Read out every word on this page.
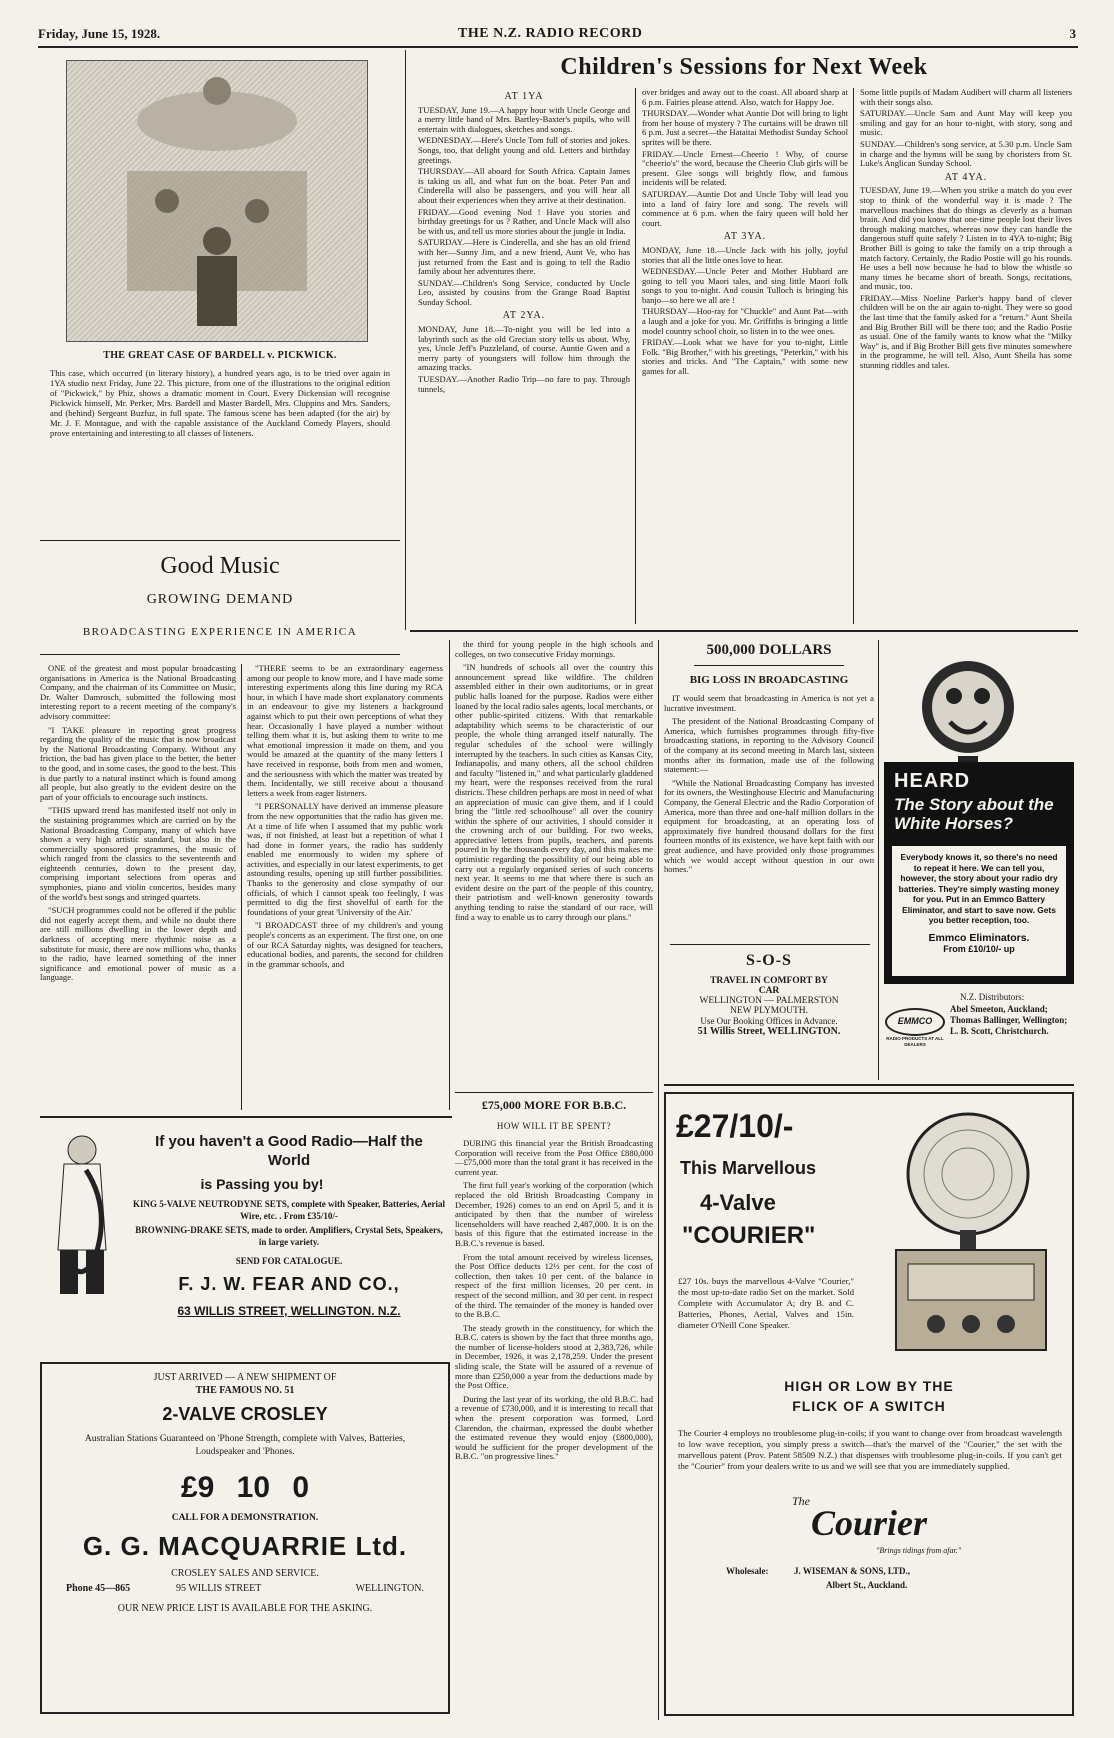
Friday, June 15, 1928.	THE N.Z. RADIO RECORD	3
THE GREAT CASE OF BARDELL v. PICKWICK.

This case, which occurred (in literary history), a hundred years ago, is to be tried over again in 1YA studio next Friday, June 22. This picture, from one of the illustrations to the original edition of "Pickwick," by Phiz, shows a dramatic moment in Court. Every Dickensian will recognise Pickwick himself, Mr. Perker, Mrs. Bardell and Master Bardell, Mrs. Cluppins and Mrs. Sanders, and (behind) Sergeant Buzfuz, in full spate. The famous scene has been adapted (for the air) by Mr. J. F. Montague, and with the capable assistance of the Auckland Comedy Players, should prove entertaining and interesting to all classes of listeners.

Children's Sessions for Next Week

AT 1YA

TUESDAY, June 19.—A happy hour with Uncle George and a merry little band of Mrs. Bartley-Baxter's pupils, who will entertain with dialogues, sketches and songs.

WEDNESDAY.—Here's Uncle Tom full of stories and jokes. Songs, too, that delight young and old. Letters and birthday greetings.

THURSDAY.—All aboard for South Africa. Captain James is taking us all, and what fun on the boat. Peter Pan and Cinderella will also be passengers, and you will hear all about their experiences when they arrive at their destination.

FRIDAY.—Good evening Nod ! Have you stories and birthday greetings for us ? Rather, and Uncle Mack will also be with us, and tell us more stories about the jungle in India.

SATURDAY.—Here is Cinderella, and she has an old friend with her—Sunny Jim, and a new friend, Aunt Ve, who has just returned from the East and is going to tell the Radio family about her adventures there.

SUNDAY.—Children's Song Service, conducted by Uncle Leo, assisted by cousins from the Grange Road Baptist Sunday School.

AT 2YA.

MONDAY, June 18.—To-night you will be led into a labyrinth such as the old Grecian story tells us about. Why, yes, Uncle Jeff's Puzzleland, of course. Auntie Gwen and a merry party of youngsters will follow him through the amazing tracks.

TUESDAY.—Another Radio Trip—no fare to pay. Through tunnels,

over bridges and away out to the coast. All aboard sharp at 6 p.m. Fairies please attend. Also, watch for Happy Joe.

THURSDAY.—Wonder what Auntie Dot will bring to light from her house of mystery ? The curtains will be drawn till 6 p.m. Just a secret—the Hataitai Methodist Sunday School sprites will be there.

FRIDAY.—Uncle Ernest—Cheerio ! Why, of course "cheerio's" the word, because the Cheerio Club girls will be present. Glee songs will brightly flow, and famous incidents will be related.

SATURDAY.—Auntie Dot and Uncle Toby will lead you into a land of fairy lore and song. The revels will commence at 6 p.m. when the fairy queen will hold her court.

AT 3YA.

MONDAY, June 18.—Uncle Jack with his jolly, joyful stories that all the little ones love to hear.

WEDNESDAY.—Uncle Peter and Mother Hubbard are going to tell you Maori tales, and sing little Maori folk songs to you to-night. And cousin Tulloch is bringing his banjo—so here we all are !

THURSDAY—Hoo-ray for "Chuckle" and Aunt Pat—with a laugh and a joke for you. Mr. Griffiths is bringing a little model country school choir, so listen in to the wee ones.

FRIDAY.—Look what we have for you to-night, Little Folk. "Big Brother," with his greetings, "Peterkin," with his stories and tricks. And "The Captain," with some new games for all.

Some little pupils of Madam Audibert will charm all listeners with their songs also.

SATURDAY.—Uncle Sam and Aunt May will keep you smiling and gay for an hour to-night, with story, song and music.

SUNDAY.—Children's song service, at 5.30 p.m. Uncle Sam in charge and the hymns will be sung by choristers from St. Luke's Anglican Sunday School.

AT 4YA.

TUESDAY, June 19.—When you strike a match do you ever stop to think of the wonderful way it is made ? The marvellous machines that do things as cleverly as a human brain. And did you know that one-time people lost their lives through making matches, whereas now they can handle the dangerous stuff quite safely ? Listen in to 4YA to-night; Big Brother Bill is going to take the family on a trip through a match factory. Certainly, the Radio Postie will go his rounds. He uses a bell now because he had to blow the whistle so many times he became short of breath. Songs, recitations, and music, too.

FRIDAY.—Miss Noeline Parker's happy band of clever children will be on the air again to-night. They were so good the last time that the family asked for a "return." Aunt Sheila and Big Brother Bill will be there too; and the Radio Postie as usual. One of the family wants to know what the "Milky Way" is, and if Big Brother Bill gets five minutes somewhere in the programme, he will tell. Also, Aunt Sheila has some stunning riddles and tales.

Good Music
GROWING DEMAND
BROADCASTING EXPERIENCE IN AMERICA

ONE of the greatest and most popular broadcasting organisations in America is the National Broadcasting Company, and the chairman of its Committee on Music, Dr. Walter Damrosch, submitted the following most interesting report to a recent meeting of the company's advisory committee:

"I TAKE pleasure in reporting great progress regarding the quality of the music that is now broadcast by the National Broadcasting Company. Without any friction, the bad has given place to the better, the better to the good, and in some cases, the good to the best. This is due partly to a natural instinct which is found among all people, but also greatly to the evident desire on the part of your officials to encourage such instincts.

"THIS upward trend has manifested itself not only in the sustaining programmes which are carried on by the National Broadcasting Company, many of which have shown a very high artistic standard, but also in the commercially sponsored programmes, the music of which ranged from the classics to the seventeenth and eighteenth centuries, down to the present day, comprising important selections from operas and symphonies, piano and violin concertos, besides many of the world's best songs and stringed quartets.

"SUCH programmes could not be offered if the public did not eagerly accept them, and while no doubt there are still millions dwelling in the lower depth and darkness of accepting mere rhythmic noise as a substitute for music, there are now millions who, thanks to the radio, have learned something of the inner significance and emotional power of music as a language.

"THERE seems to be an extraordinary eagerness among our people to know more, and I have made some interesting experiments along this line during my RCA hour, in which I have made short explanatory comments in an endeavour to give my listeners a background against which to put their own perceptions of what they hear. Occasionally I have played a number without telling them what it is, but asking them to write to me what emotional impression it made on them, and you would be amazed at the quantity of the many letters I have received in response, both from men and women, and the seriousness with which the matter was treated by them. Incidentally, we still receive about a thousand letters a week from eager listeners.

"I PERSONALLY have derived an immense pleasure from the new opportunities that the radio has given me. At a time of life when I assumed that my public work was, if not finished, at least but a repetition of what I had done in former years, the radio has suddenly enabled me enormously to widen my sphere of activities, and especially in our latest experiments, to get astounding results, opening up still further possibilities. Thanks to the generosity and close sympathy of our officials, of which I cannot speak too feelingly, I was permitted to dig the first shovelful of earth for the foundations of your great 'University of the Air.'

"I BROADCAST three of my children's and young people's concerts as an experiment. The first one, on one of our RCA Saturday nights, was designed for teachers, educational bodies, and parents, the second for children in the grammar schools, and

the third for young people in the high schools and colleges, on two consecutive Friday mornings.

"IN hundreds of schools all over the country this announcement spread like wildfire. The children assembled either in their own auditoriums, or in great public halls loaned for the purpose. Radios were either loaned by the local radio sales agents, local merchants, or other public-spirited citizens. With that remarkable adaptability which seems to be characteristic of our people, the whole thing arranged itself naturally. The regular schedules of the school were willingly interrupted by the teachers. In such cities as Kansas City, Indianapolis, and many others, all the school children and faculty "listened in," and what particularly gladdened my heart, were the responses received from the rural districts. These children perhaps are most in need of what an appreciation of music can give them, and if I could bring the "little red schoolhouse" all over the country within the sphere of our activities, I should consider it the crowning arch of our building. For two weeks, appreciative letters from pupils, teachers, and parents poured in by the thousands every day, and this makes me optimistic regarding the possibility of our being able to carry out a regularly organised series of such concerts next year. It seems to me that where there is such an evident desire on the part of the people of this country, their patriotism and well-known generosity towards anything tending to raise the standard of our race, will find a way to enable us to carry through our plans."

500,000 DOLLARS
BIG LOSS IN BROADCASTING

IT would seem that broadcasting in America is not yet a lucrative investment.

The president of the National Broadcasting Company of America, which furnishes programmes through fifty-five broadcasting stations, in reporting to the Advisory Council of the company at its second meeting in March last, sixteen months after its formation, made use of the following statement:—

"While the National Broadcasting Company has invested for its owners, the Westinghouse Electric and Manufacturing Company, the General Electric and the Radio Corporation of America, more than three and one-half million dollars in the equipment for broadcasting, at an operating loss of approximately five hundred thousand dollars for the first fourteen months of its existence, we have kept faith with our great audience, and have provided only those programmes which we would accept without question in our own homes."

S-O-S
TRAVEL IN COMFORT BY
CAR
WELLINGTON — PALMERSTON
NEW PLYMOUTH.
Use Our Booking Offices in Advance.
51 Willis Street, WELLINGTON.
HEARD
The Story about the White Horses?
Everybody knows it, so there's no need to repeat it here. We can tell you, however, the story about your radio dry batteries. They're simply wasting money for you. Put in an Emmco Battery Eliminator, and start to save now. Gets you better reception, too.
Emmco Eliminators.
From £10/10/- up
EMMCO
RADIO PRODUCTS AT ALL DEALERS
N.Z. Distributors:
Abel Smeeton, Auckland; Thomas Ballinger, Wellington; L. B. Scott, Christchurch.
£75,000 MORE FOR B.B.C.
HOW WILL IT BE SPENT?

DURING this financial year the British Broadcasting Corporation will receive from the Post Office £880,000—£75,000 more than the total grant it has received in the current year.

The first full year's working of the corporation (which replaced the old British Broadcasting Company in December, 1926) comes to an end on April 5, and it is anticipated by then that the number of wireless licenseholders will have reached 2,487,000. It is on the basis of this figure that the estimated increase in the B.B.C.'s revenue is based.

From the total amount received by wireless licenses, the Post Office deducts 12½ per cent. for the cost of collection, then takes 10 per cent. of the balance in respect of the first million licenses, 20 per cent. in respect of the second million, and 30 per cent. in respect of the third. The remainder of the money is handed over to the B.B.C.

The steady growth in the constituency, for which the B.B.C. caters is shown by the fact that three months ago, the number of license-holders stood at 2,383,726, while in December, 1926, it was 2,178,259. Under the present sliding scale, the State will be assured of a revenue of more than £250,000 a year from the deductions made by the Post Office.

During the last year of its working, the old B.B.C. had a revenue of £730,000, and it is interesting to recall that when the present corporation was formed, Lord Clarendon, the chairman, expressed the doubt whether the estimated revenue they would enjoy (£800,000), would be sufficient for the proper development of the B.B.C. "on progressive lines."

If you haven't a Good Radio—Half the World
is Passing you by!
KING 5-VALVE NEUTRODYNE SETS, complete with Speaker, Batteries, Aerial Wire, etc. . From £35/10/-
BROWNING-DRAKE SETS, made to order. Amplifiers, Crystal Sets, Speakers, in large variety.
SEND FOR CATALOGUE.
F. J. W. FEAR AND CO.,
63 WILLIS STREET, WELLINGTON. N.Z.
JUST ARRIVED — A NEW SHIPMENT OF
THE FAMOUS NO. 51
2-VALVE CROSLEY
Australian Stations Guaranteed on 'Phone Strength, complete with Valves, Batteries, Loudspeaker and 'Phones.
£9 10 0
CALL FOR A DEMONSTRATION.
G. G. MACQUARRIE Ltd.
CROSLEY SALES AND SERVICE.
Phone 45—865	95 WILLIS STREET	WELLINGTON.
OUR NEW PRICE LIST IS AVAILABLE FOR THE ASKING.
£27/10/-
This Marvellous
4-Valve
"COURIER"
£27 10s. buys the marvellous 4-Valve "Courier," the most up-to-date radio Set on the market. Sold Complete with Accumulator A; dry B. and C. Batteries, Phones, Aerial, Valves and 15in. diameter O'Neill Cone Speaker.
HIGH OR LOW BY THE
FLICK OF A SWITCH
The Courier 4 employs no troublesome plug-in-coils; if you want to change over from broadcast wavelength to low wave reception, you simply press a switch—that's the marvel of the "Courier," the set with the marvellous patent (Prov. Patent 58509 N.Z.) that dispenses with troublesome plug-in-coils. If you can't get the "Courier" from your dealers write to us and we will see that you are immediately supplied.
The
Courier
"Brings tidings from afar."
Wholesale:	J. WISEMAN & SONS, LTD.,
Albert St., Auckland.
